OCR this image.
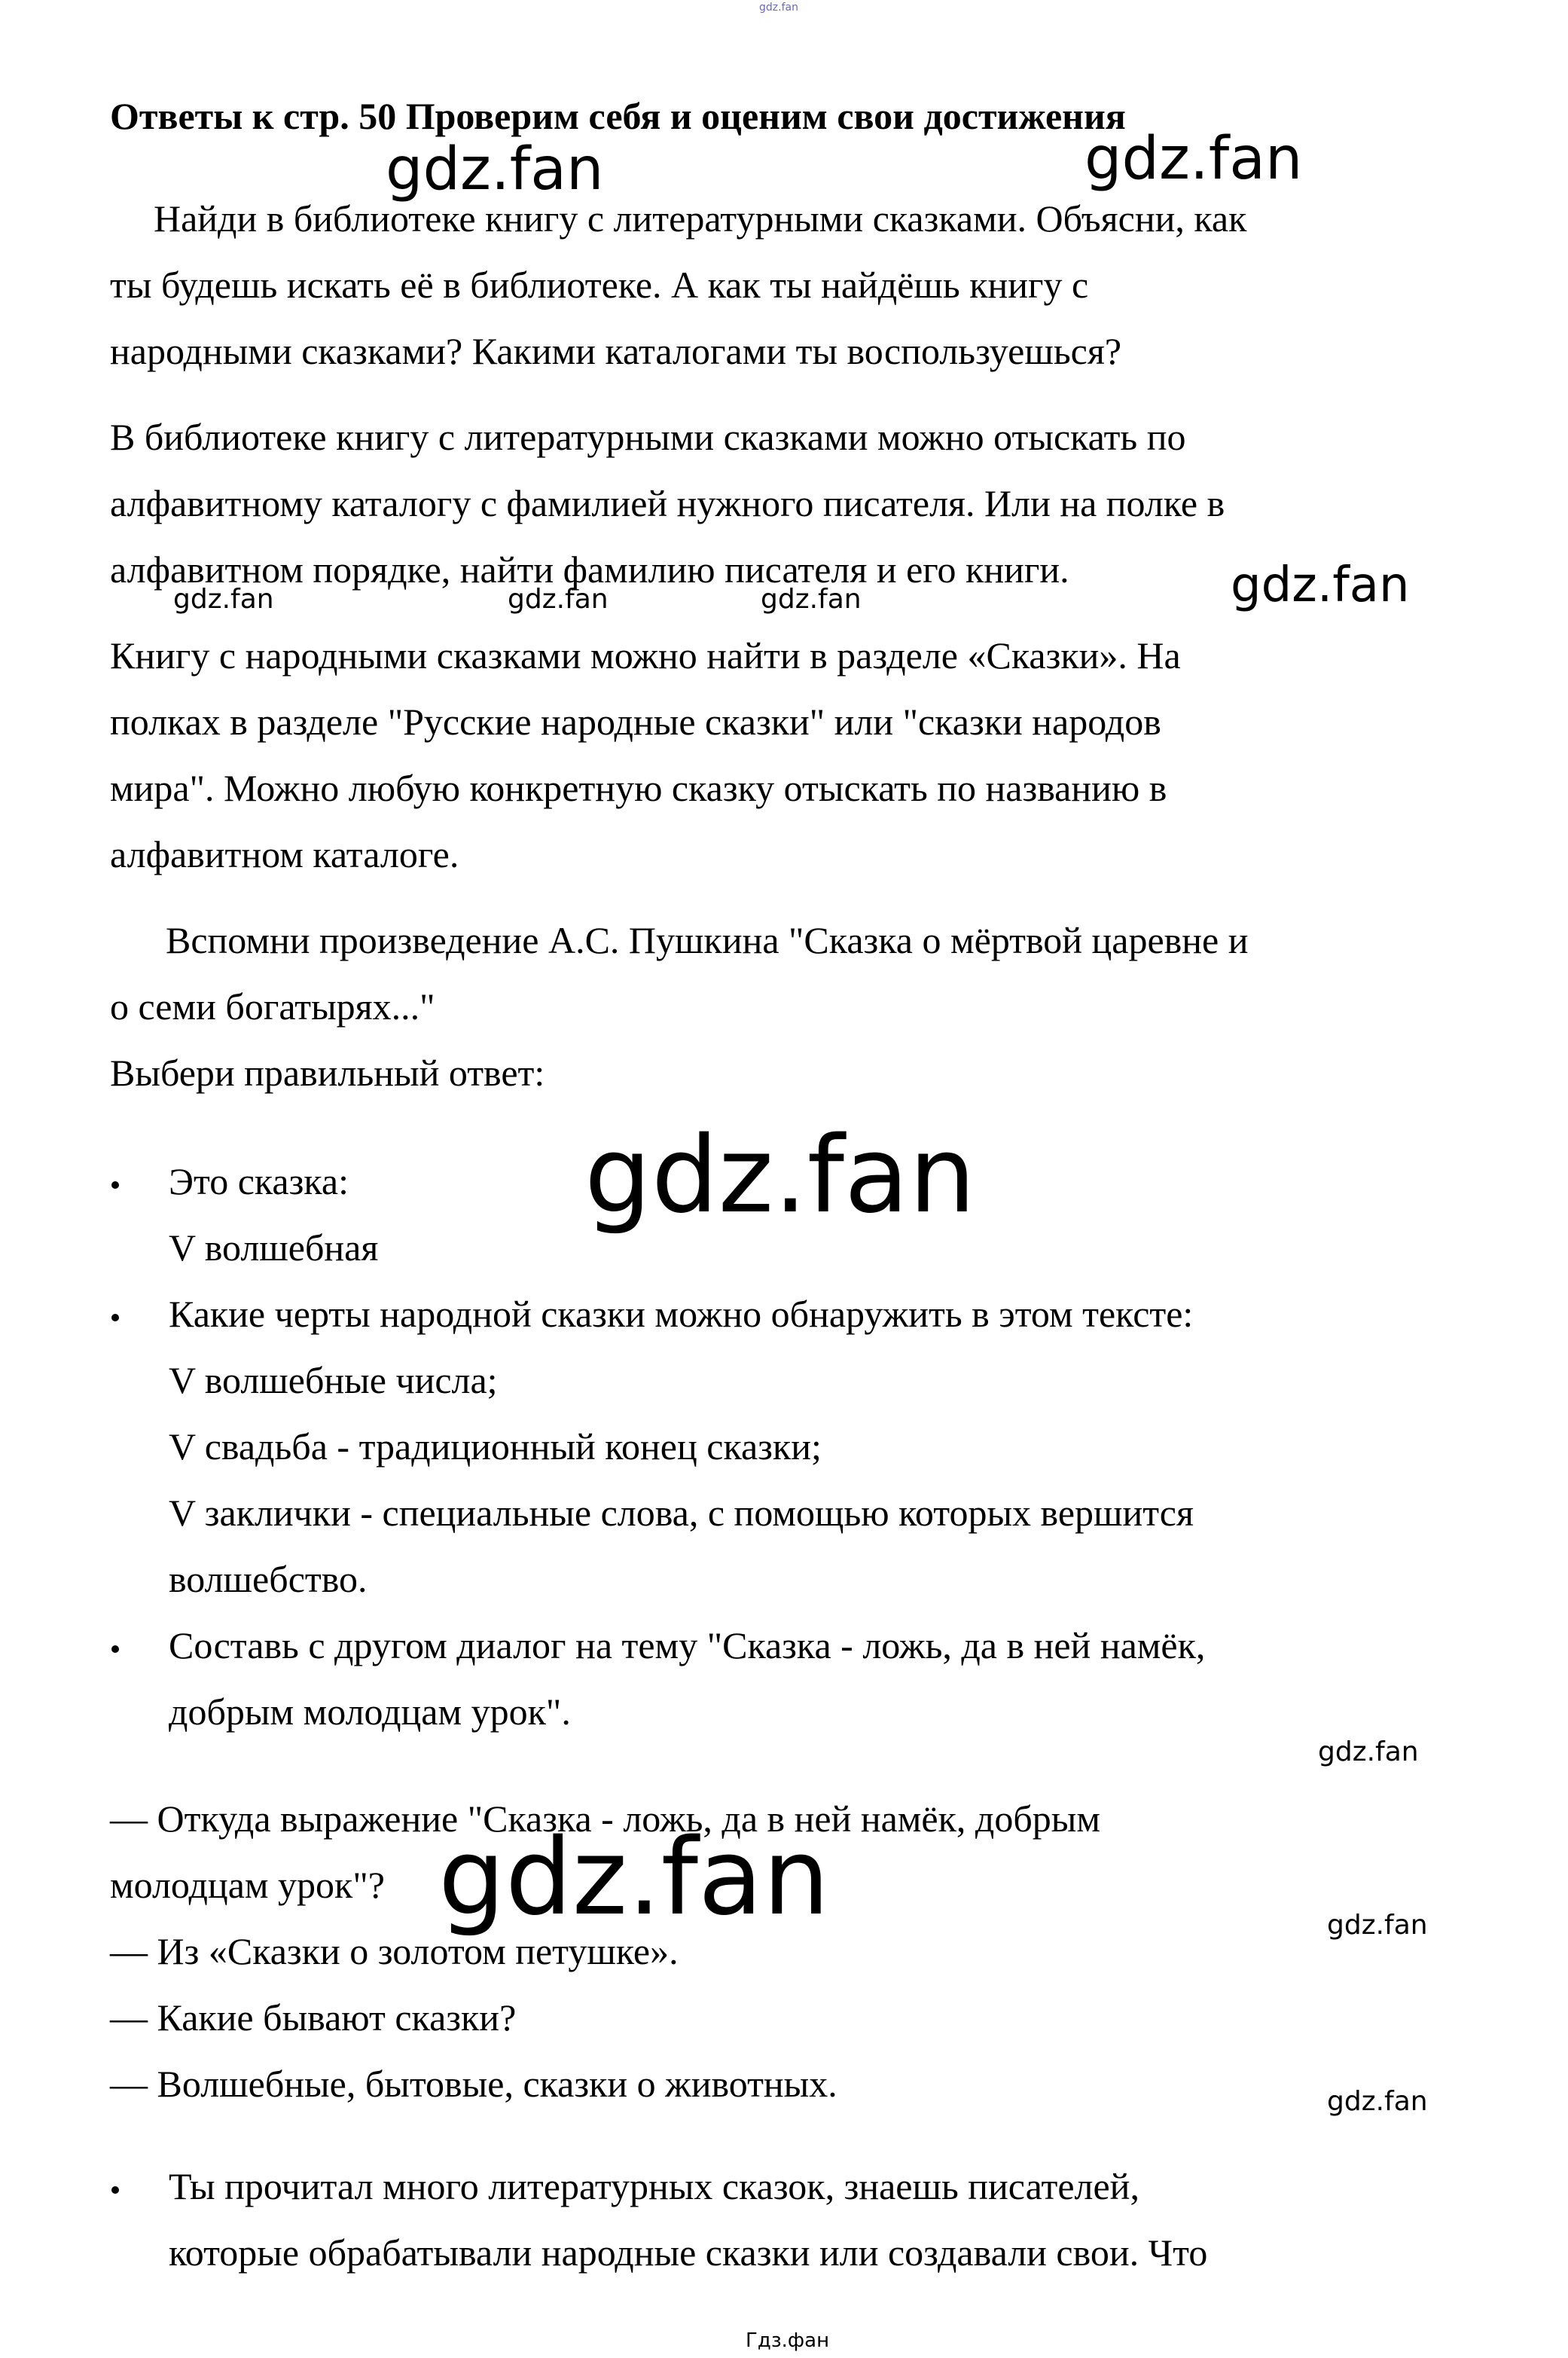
gdz.fan
Ответы к стр. 50 Проверим себя и оценим свои достижения
Найди в библиотеке книгу с литературными сказками. Объясни, как
ты будешь искать её в библиотеке. А как ты найдёшь книгу с
народными сказками? Какими каталогами ты воспользуешься?
В библиотеке книгу с литературными сказками можно отыскать по
алфавитному каталогу с фамилией нужного писателя. Или на полке в
алфавитном порядке, найти фамилию писателя и его книги.
Книгу с народными сказками можно найти в разделе «Сказки». На
полках в разделе "Русские народные сказки" или "сказки народов
мира". Можно любую конкретную сказку отыскать по названию в
алфавитном каталоге.
Вспомни произведение А.С. Пушкина "Сказка о мёртвой царевне и
о семи богатырях..."
Выбери правильный ответ:
Это сказка:
V волшебная
Какие черты народной сказки можно обнаружить в этом тексте:
V волшебные числа;
V свадьба - традиционный конец сказки;
V заклички - специальные слова, с помощью которых вершится
волшебство.
Составь с другом диалог на тему "Сказка - ложь, да в ней намёк,
добрым молодцам урок".
— Откуда выражение "Сказка - ложь, да в ней намёк, добрым
молодцам урок"?
— Из «Сказки о золотом петушке».
— Какие бывают сказки?
— Волшебные, бытовые, сказки о животных.
Ты прочитал много литературных сказок, знаешь писателей,
которые обрабатывали народные сказки или создавали свои. Что
gdz.fan	gdz.fan
gdz.fan
gdz.fan	gdz.fan	gdz.fan
gdz.fan
gdz.fan
gdz.fan	gdz.fan
gdz.fan
Гдз.фан
